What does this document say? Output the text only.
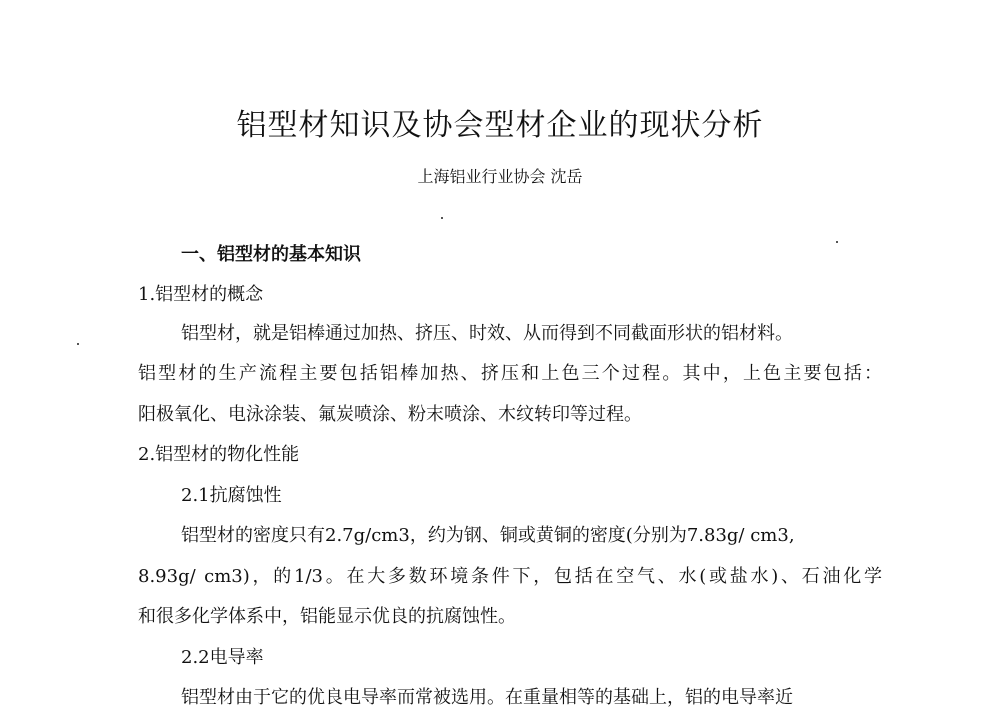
铝型材知识及协会型材企业的现状分析
上海铝业行业协会 沈岳
一、铝型材的基本知识
1.铝型材的概念
铝型材，就是铝棒通过加热、挤压、时效、从而得到不同截面形状的铝材料。
铝型材的生产流程主要包括铝棒加热、挤压和上色三个过程。其中，上色主要包括：
阳极氧化、电泳涂装、氟炭喷涂、粉末喷涂、木纹转印等过程。
2.铝型材的物化性能
2.1抗腐蚀性
铝型材的密度只有2.7g/cm3，约为钢、铜或黄铜的密度(分别为7.83g/ cm3,
8.93g/ cm3)，的1/3。在大多数环境条件下，包括在空气、水(或盐水)、石油化学
和很多化学体系中，铝能显示优良的抗腐蚀性。
2.2电导率
铝型材由于它的优良电导率而常被选用。在重量相等的基础上，铝的电导率近
